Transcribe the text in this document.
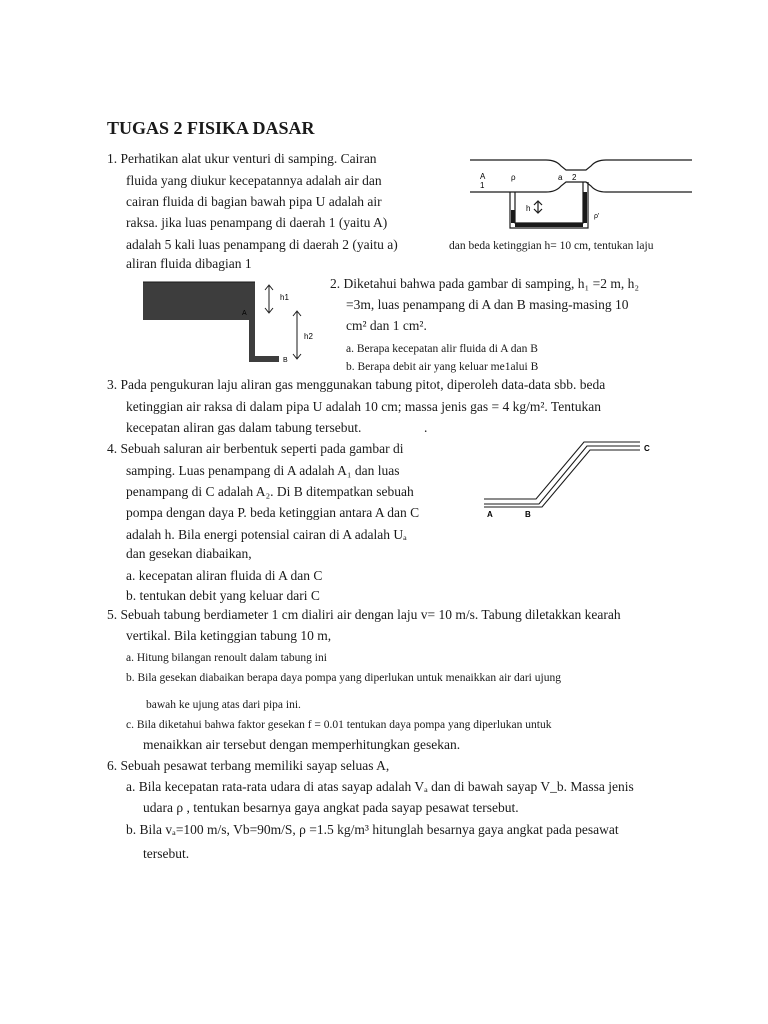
TUGAS 2 FISIKA DASAR
1. Perhatikan alat ukur venturi di samping. Cairan
fluida yang diukur kecepatannya adalah air dan
cairan fluida di bagian bawah pipa U adalah air
raksa. jika luas penampang di daerah 1 (yaitu A)
adalah 5 kali luas penampang di daerah 2 (yaitu a)	dan beda ketinggian h= 10 cm, tentukan laju
aliran fluida dibagian 1
A
1
ρ	a 2
h
ρ'
h1
h2
A
B
2. Diketahui bahwa pada gambar di samping, h₁ =2 m, h₂
=3m, luas penampang di A dan B masing-masing 10
cm² dan 1 cm².
a. Berapa kecepatan alir fluida di A dan B
b. Berapa debit air yang keluar me1alui B
3. Pada pengukuran laju aliran gas menggunakan tabung pitot, diperoleh data-data sbb. beda
ketinggian air raksa di dalam pipa U adalah 10 cm; massa jenis gas = 4 kg/m². Tentukan
kecepatan aliran gas dalam tabung tersebut.	.
4. Sebuah saluran air berbentuk seperti pada gambar di
samping. Luas penampang di A adalah A₁ dan luas
penampang di C adalah A₂. Di B ditempatkan sebuah
pompa dengan daya P. beda ketinggian antara A dan C
adalah h. Bila energi potensial cairan di A adalah Uₐ
dan gesekan diabaikan,
a. kecepatan aliran fluida di A dan C
b. tentukan debit yang keluar dari C
C
A	B
5. Sebuah tabung berdiameter 1 cm dialiri air dengan laju v= 10 m/s. Tabung diletakkan kearah
vertikal. Bila ketinggian tabung 10 m,
a. Hitung bilangan renoult dalam tabung ini
b. Bila gesekan diabaikan berapa daya pompa yang diperlukan untuk menaikkan air dari ujung
bawah ke ujung atas dari pipa ini.
c. Bila diketahui bahwa faktor gesekan f = 0.01 tentukan daya pompa yang diperlukan untuk
menaikkan air tersebut dengan memperhitungkan gesekan.
6. Sebuah pesawat terbang memiliki sayap seluas A,
a. Bila kecepatan rata-rata udara di atas sayap adalah Vₐ dan di bawah sayap V_b. Massa jenis
udara ρ , tentukan besarnya gaya angkat pada sayap pesawat tersebut.
b. Bila vₐ=100 m/s, Vb=90m/S, ρ =1.5 kg/m³ hitunglah besarnya gaya angkat pada pesawat
tersebut.
